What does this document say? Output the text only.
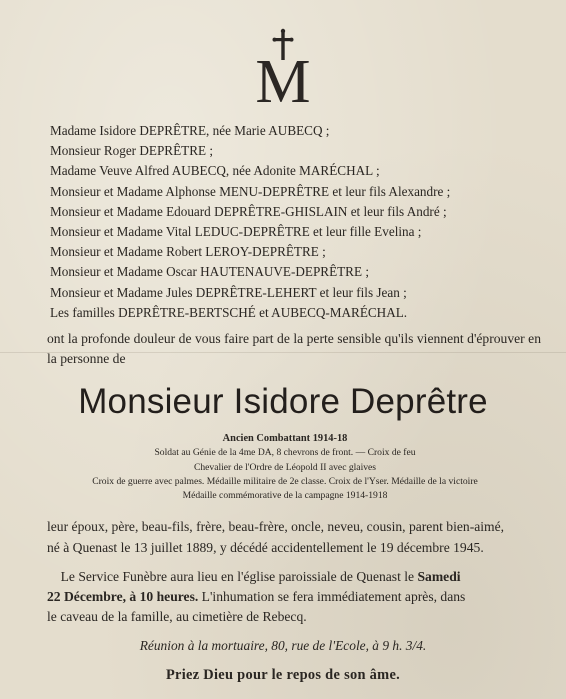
M
Madame Isidore DEPRÊTRE, née Marie AUBECQ ;
Monsieur Roger DEPRÊTRE ;
Madame Veuve Alfred AUBECQ, née Adonite MARÉCHAL ;
Monsieur et Madame Alphonse MENU-DEPRÊTRE et leur fils Alexandre ;
Monsieur et Madame Edouard DEPRÊTRE-GHISLAIN et leur fils André ;
Monsieur et Madame Vital LEDUC-DEPRÊTRE et leur fille Evelina ;
Monsieur et Madame Robert LEROY-DEPRÊTRE ;
Monsieur et Madame Oscar HAUTENAUVE-DEPRÊTRE ;
Monsieur et Madame Jules DEPRÊTRE-LEHERT et leur fils Jean ;
Les familles DEPRÊTRE-BERTSCHÉ et AUBECQ-MARÉCHAL.
ont la profonde douleur de vous faire part de la perte sensible qu'ils viennent d'éprouver en la personne de
Monsieur Isidore Deprêtre
Ancien Combattant 1914-18
Soldat au Génie de la 4me DA, 8 chevrons de front. — Croix de feu
Chevalier de l'Ordre de Léopold II avec glaives
Croix de guerre avec palmes. Médaille militaire de 2e classe. Croix de l'Yser. Médaille de la victoire
Médaille commémorative de la campagne 1914-1918
leur époux, père, beau-fils, frère, beau-frère, oncle, neveu, cousin, parent bien-aimé,
né à Quenast le 13 juillet 1889, y décédé accidentellement le 19 décembre 1945.
Le Service Funèbre aura lieu en l'église paroissiale de Quenast le Samedi
22 Décembre, à 10 heures. L'inhumation se fera immédiatement après, dans
le caveau de la famille, au cimetière de Rebecq.
Réunion à la mortuaire, 80, rue de l'Ecole, à 9 h. 3/4.
Priez Dieu pour le repos de son âme.
